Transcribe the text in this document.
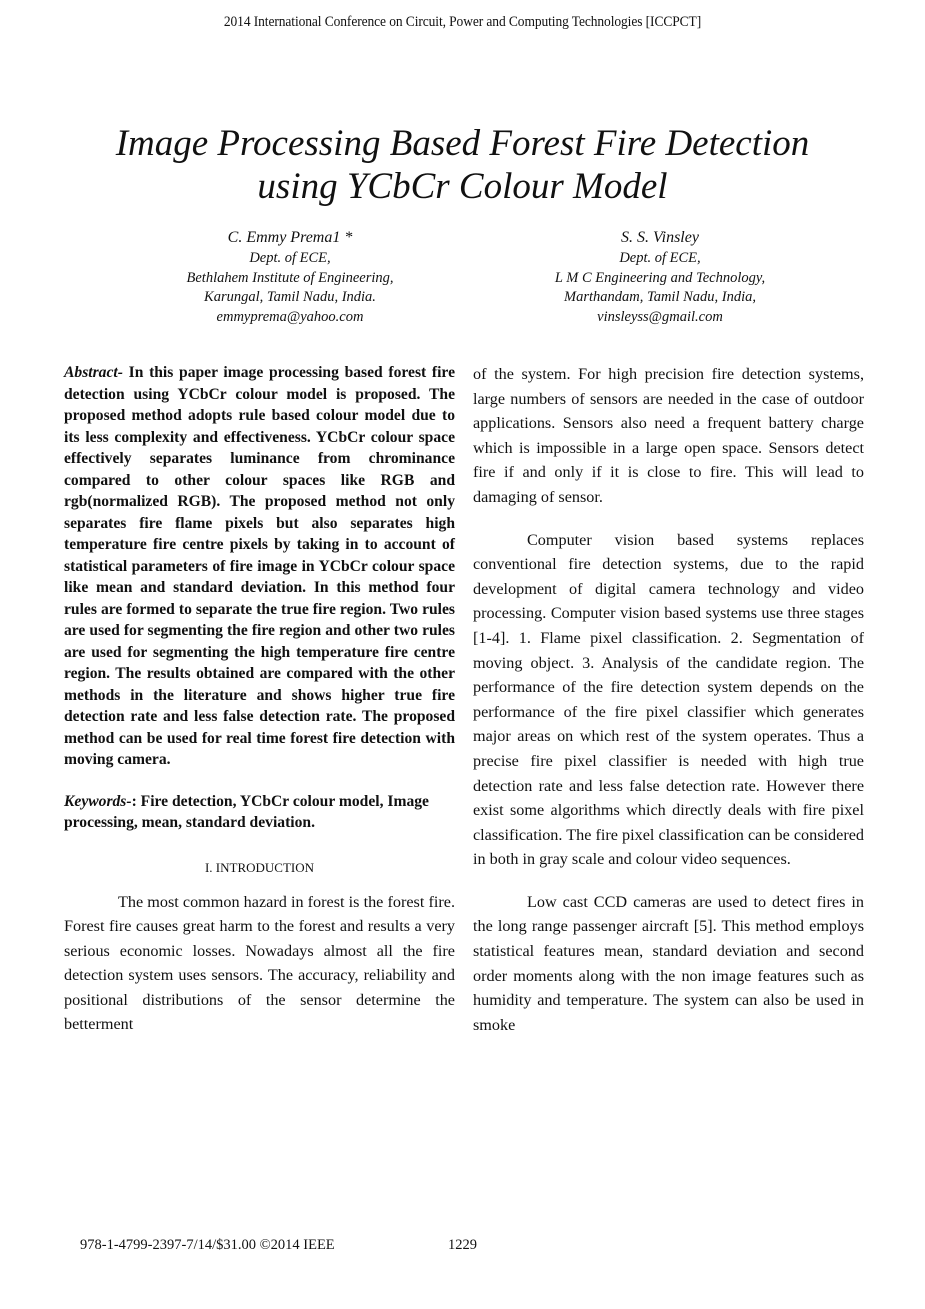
2014 International Conference on Circuit, Power and Computing Technologies [ICCPCT]
Image Processing Based Forest Fire Detection
using YCbCr Colour Model
C. Emmy Prema1 *
Dept. of ECE,
Bethlahem Institute of Engineering,
Karungal, Tamil Nadu, India.
emmyprema@yahoo.com
S. S. Vinsley
Dept. of ECE,
L M C Engineering and Technology,
Marthandam, Tamil Nadu, India,
vinsleyss@gmail.com

Abstract- In this paper image processing based forest fire detection using YCbCr colour model is proposed. The proposed method adopts rule based colour model due to its less complexity and effectiveness. YCbCr colour space effectively separates luminance from chrominance compared to other colour spaces like RGB and rgb(normalized RGB). The proposed method not only separates fire flame pixels but also separates high temperature fire centre pixels by taking in to account of statistical parameters of fire image in YCbCr colour space like mean and standard deviation. In this method four rules are formed to separate the true fire region. Two rules are used for segmenting the fire region and other two rules are used for segmenting the high temperature fire centre region. The results obtained are compared with the other methods in the literature and shows higher true fire detection rate and less false detection rate. The proposed method can be used for real time forest fire detection with moving camera.

Keywords-: Fire detection, YCbCr colour model, Image processing, mean, standard deviation.

I. INTRODUCTION

The most common hazard in forest is the forest fire. Forest fire causes great harm to the forest and results a very serious economic losses. Nowadays almost all the fire detection system uses sensors. The accuracy, reliability and positional distributions of the sensor determine the betterment

of the system. For high precision fire detection systems, large numbers of sensors are needed in the case of outdoor applications. Sensors also need a frequent battery charge which is impossible in a large open space. Sensors detect fire if and only if it is close to fire. This will lead to damaging of sensor.

Computer vision based systems replaces conventional fire detection systems, due to the rapid development of digital camera technology and video processing. Computer vision based systems use three stages [1-4]. 1. Flame pixel classification. 2. Segmentation of moving object. 3. Analysis of the candidate region. The performance of the fire detection system depends on the performance of the fire pixel classifier which generates major areas on which rest of the system operates. Thus a precise fire pixel classifier is needed with high true detection rate and less false detection rate. However there exist some algorithms which directly deals with fire pixel classification. The fire pixel classification can be considered in both in gray scale and colour video sequences.

Low cast CCD cameras are used to detect fires in the long range passenger aircraft [5]. This method employs statistical features mean, standard deviation and second order moments along with the non image features such as humidity and temperature. The system can also be used in smoke

978-1-4799-2397-7/14/$31.00 ©2014 IEEE	1229
